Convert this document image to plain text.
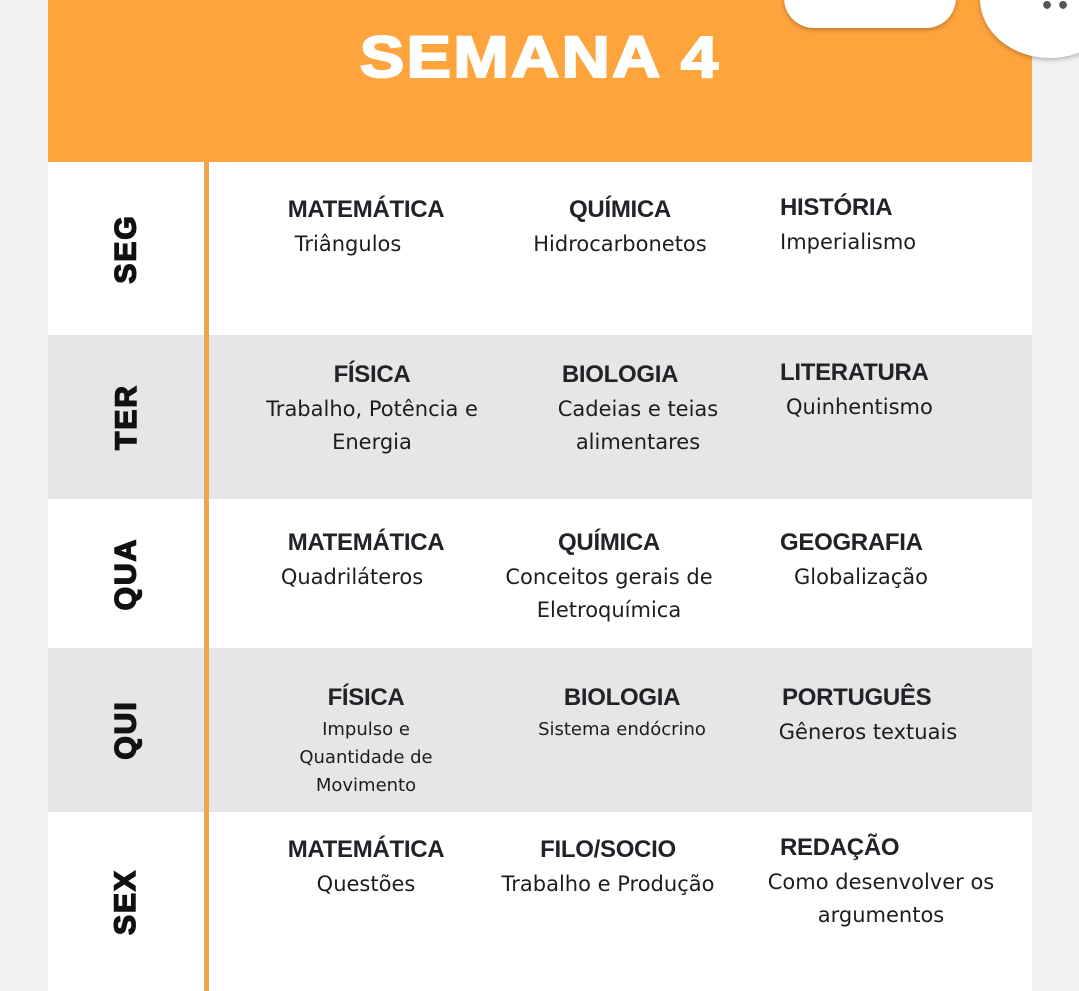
SEMANA 4
SEG
MATEMÁTICA
Triângulos
QUÍMICA
Hidrocarbonetos
HISTÓRIA
Imperialismo
TER
FÍSICA
Trabalho, Potência e Energia
BIOLOGIA
Cadeias e teias alimentares
LITERATURA
Quinhentismo
QUA	MATEMÁTICA
Quadriláteros
QUÍMICA
Conceitos gerais de Eletroquímica
GEOGRAFIA
Globalização
QUI
FÍSICA
Impulso e Quantidade de Movimento
BIOLOGIA
Sistema endócrino
PORTUGUÊS
Gêneros textuais
SEX
MATEMÁTICA
Questões
FILO/SOCIO
Trabalho e Produção
REDAÇÃO
Como desenvolver os argumentos
••
